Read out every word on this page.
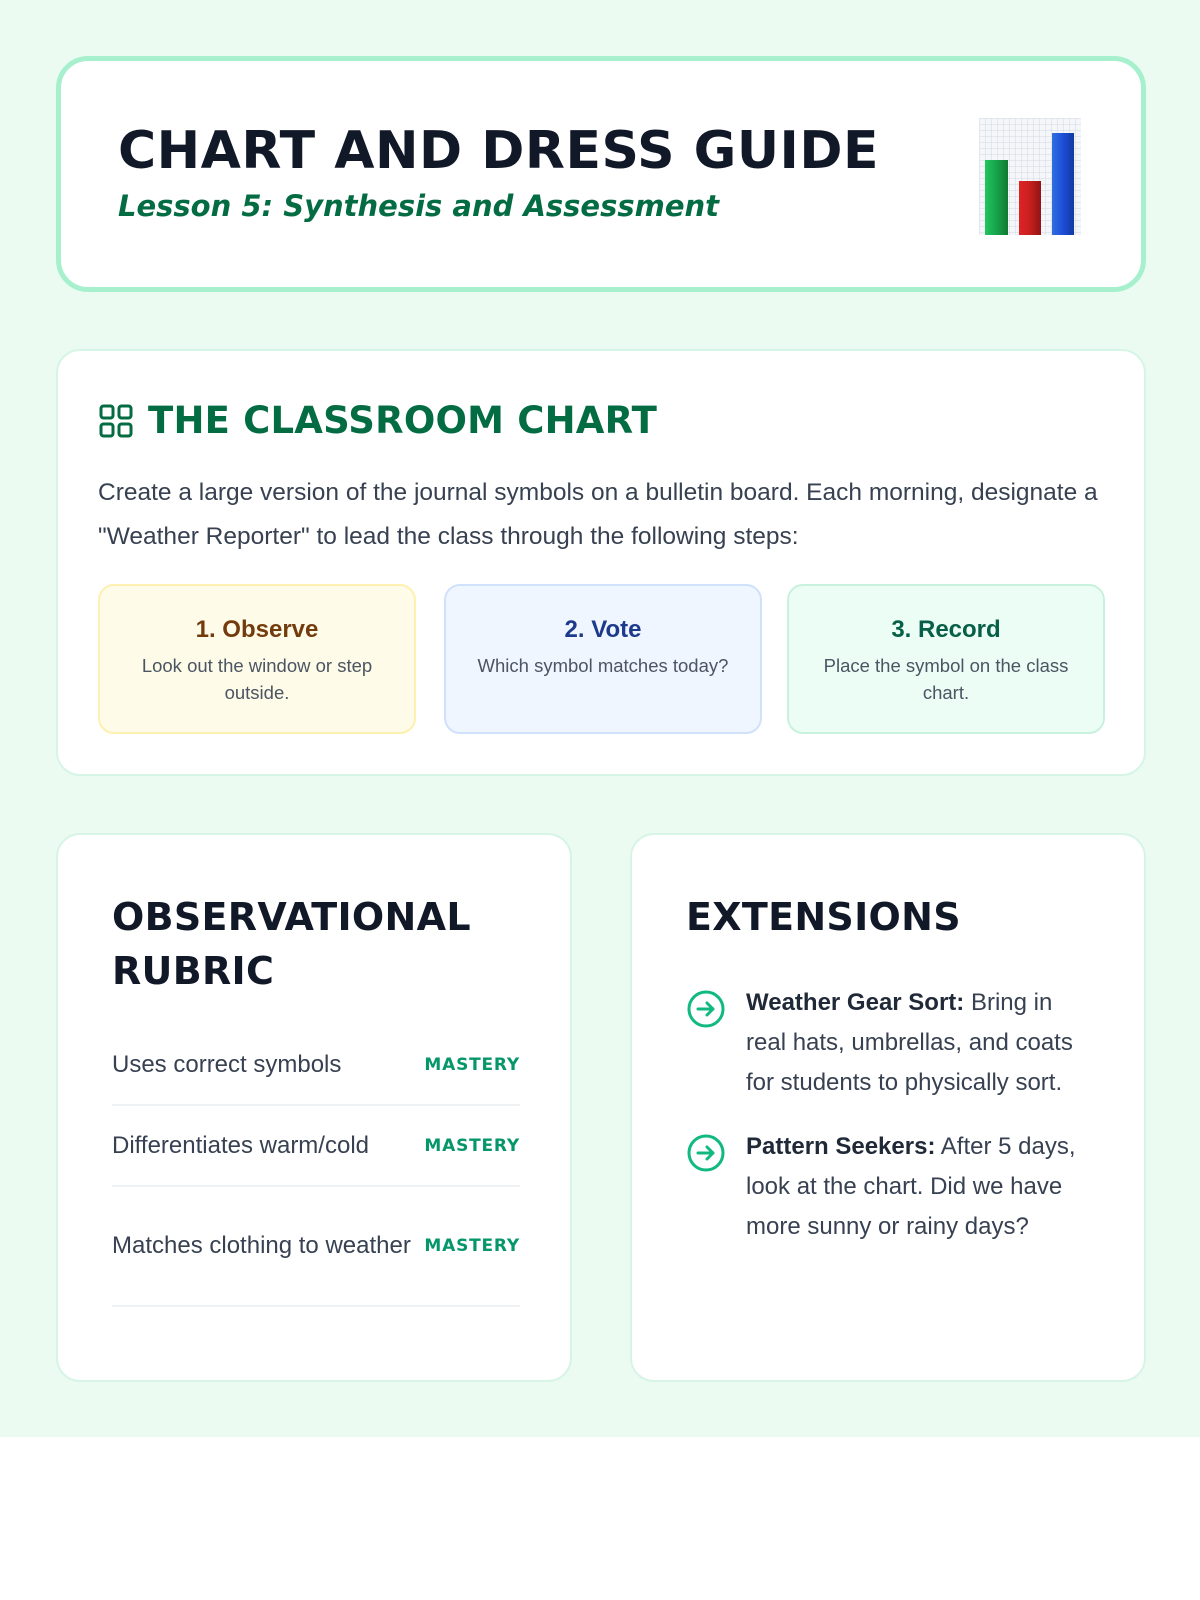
CHART AND DRESS GUIDE
Lesson 5: Synthesis and Assessment
THE CLASSROOM CHART

Create a large version of the journal symbols on a bulletin board. Each morning, designate a "Weather Reporter" to lead the class through the following steps:

1. Observe
Look out the window or step outside.
2. Vote
Which symbol matches today?
3. Record
Place the symbol on the class chart.
OBSERVATIONAL RUBRIC
Uses correct symbols	MASTERY
Differentiates warm/cold	MASTERY
Matches clothing to weather MASTERY
EXTENSIONS

Weather Gear Sort: Bring in real hats, umbrellas, and coats for students to physically sort.

Pattern Seekers: After 5 days, look at the chart. Did we have more sunny or rainy days?
